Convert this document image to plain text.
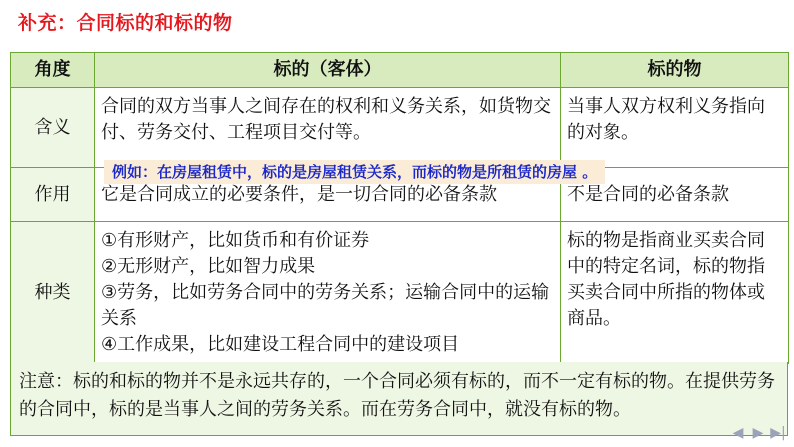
补充：合同标的和标的物
角度	标的（客体）	标的物
含义	合同的双方当事人之间存在的权利和义务关系，如货物交付、劳务交付、工程项目交付等。	当事人双方权利义务指向的对象。

作用	它是合同成立的必要条件，是一切合同的必备条款	不是合同的必备条款

种类	①有形财产，比如货币和有价证券
②无形财产，比如智力成果
③劳务，比如劳务合同中的劳务关系；运输合同中的运输关系
④工作成果，比如建设工程合同中的建设项目	标的物是指商业买卖合同中的特定名词，标的物指买卖合同中所指的物体或商品。
例如：在房屋租赁中，标的是房屋租赁关系，而标的物是所租赁的房屋 。
注意：标的和标的物并不是永远共存的，一个合同必须有标的，而不一定有标的物。在提供劳务的合同中，标的是当事人之间的劳务关系。而在劳务合同中，就没有标的物。
◀ ▶ ▶|
